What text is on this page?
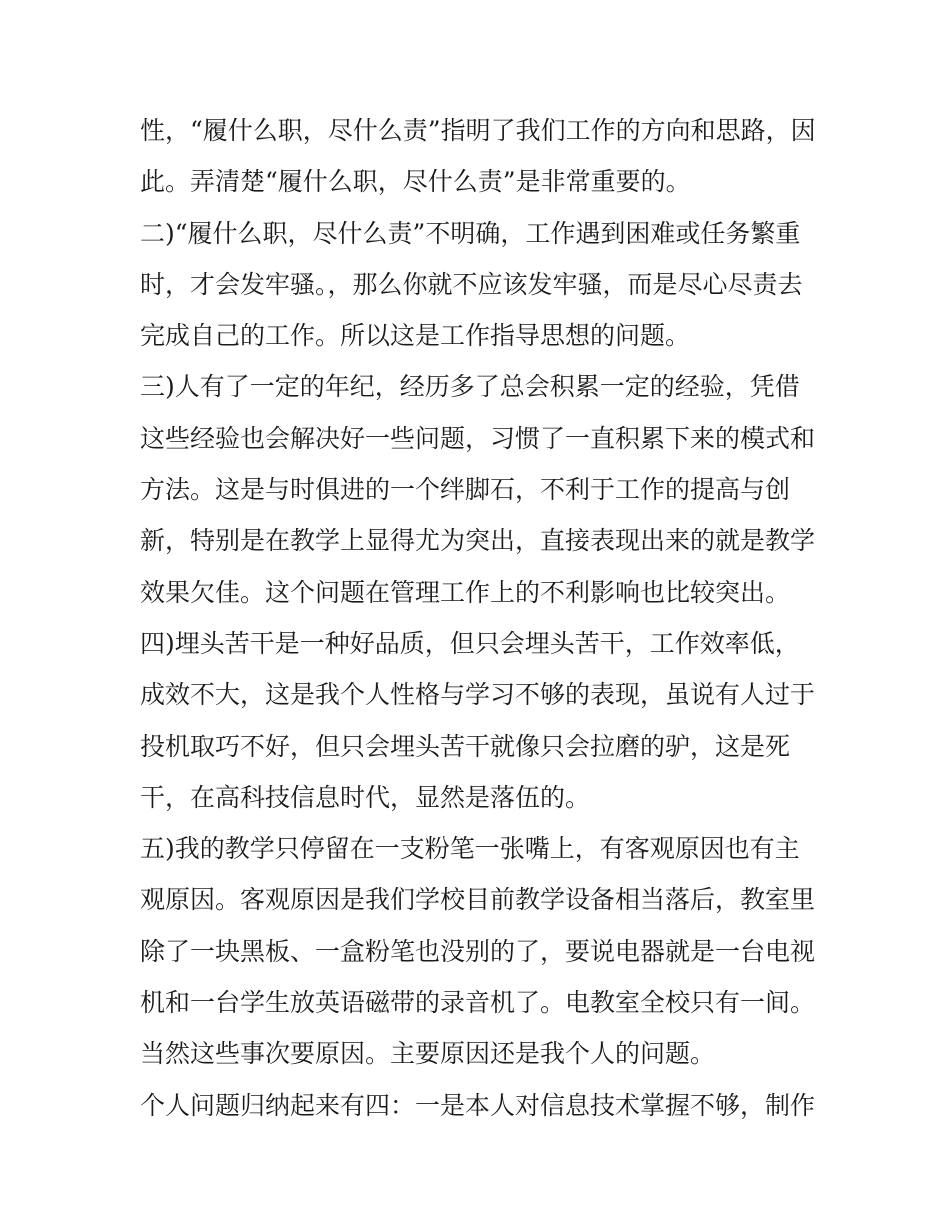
性，“履什么职，尽什么责”指明了我们工作的方向和思路，因
此。弄清楚“履什么职，尽什么责”是非常重要的。
二)“履什么职，尽什么责”不明确，工作遇到困难或任务繁重
时，才会发牢骚。，那么你就不应该发牢骚，而是尽心尽责去
完成自己的工作。所以这是工作指导思想的问题。
三)人有了一定的年纪，经历多了总会积累一定的经验，凭借
这些经验也会解决好一些问题，习惯了一直积累下来的模式和
方法。这是与时俱进的一个绊脚石，不利于工作的提高与创
新，特别是在教学上显得尤为突出，直接表现出来的就是教学
效果欠佳。这个问题在管理工作上的不利影响也比较突出。
四)埋头苦干是一种好品质，但只会埋头苦干，工作效率低，
成效不大，这是我个人性格与学习不够的表现，虽说有人过于
投机取巧不好，但只会埋头苦干就像只会拉磨的驴，这是死
干，在高科技信息时代，显然是落伍的。
五)我的教学只停留在一支粉笔一张嘴上，有客观原因也有主
观原因。客观原因是我们学校目前教学设备相当落后，教室里
除了一块黑板、一盒粉笔也没别的了，要说电器就是一台电视
机和一台学生放英语磁带的录音机了。电教室全校只有一间。
当然这些事次要原因。主要原因还是我个人的问题。
个人问题归纳起来有四：一是本人对信息技术掌握不够，制作
